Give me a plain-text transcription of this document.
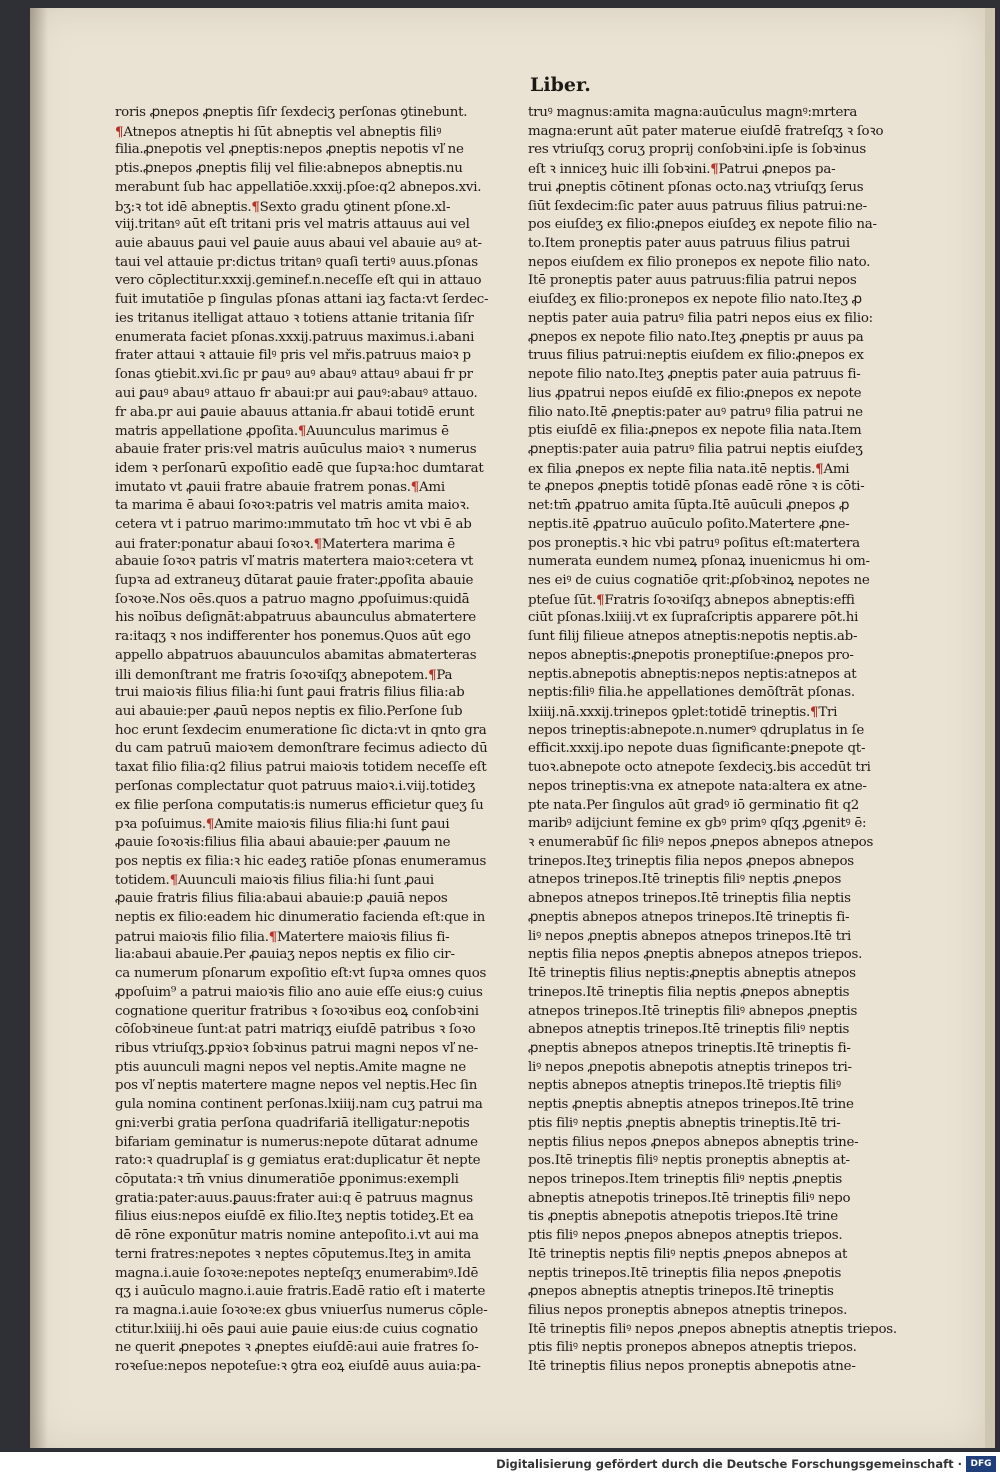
Liber.
roris ꝓnepos ꝓneptis ſiſr ſexdeciʒ perſonas ꝯtinebunt.
¶Atnepos atneptis hi ſūt abneptis vel abneptis filiꝰ
filia.ꝓnepotis vel ꝓneptis:nepos ꝓneptis nepotis vľ ne
ptis.ꝓnepos ꝓneptis filij vel filie:abnepos abneptis.nu
merabunt ſub hac appellatiōe.xxxij.pſoe:q2 abnepos.xvi.
bʒ:ꝛ tot idē abneptis.¶Sexto gradu ꝯtinent pſone.xl-
viij.tritanꝰ aūt eſt tritani pris vel matris attauus aui vel
auie abauus ꝑaui vel ꝑauie auus abaui vel abauie auꝰ at-
taui vel attauie pr:dictus tritanꝰ quaſi tertiꝰ auus.pſonas
vero cōplectitur.xxxij.geminef.n.neceſſe eſt qui in attauo
fuit imutatiōe p ſingulas pſonas attani iaʒ facta:vt ſerdec-
ies tritanus itelligat attauo ꝛ totiens attanie tritania ſiſr
enumerata faciet pſonas.xxxij.patruus maximus.i.abani
frater attaui ꝛ attauie filꝰ pris vel mřis.patruus maioꝛ p
ſonas ꝯtiebit.xvi.ſic pr ꝑauꝰ auꝰ abauꝰ attauꝰ abaui fr pr
aui ꝑauꝰ abauꝰ attauo fr abaui:pr aui ꝑauꝰ:abauꝰ attauo.
fr aba.pr aui ꝑauie abauus attania.fr abaui totidē erunt
matris appellatione ꝓpoſita.¶Auunculus marimus ē
abauie frater pris:vel matris auūculus maioꝛ ꝛ numerus
idem ꝛ perſonarū expoſitio eadē que ſupꝛa:hoc dumtarat
imutato vt ꝓauii fratre abauie fratrem ponas.¶Ami
ta marima ē abaui ſoꝛoꝛ:patris vel matris amita maioꝛ.
cetera vt i patruo marimo:ımmutato tm̄ hoc vt vbi ē ab
aui frater:ponatur abaui ſoꝛoꝛ.¶Matertera marima ē
abauie ſoꝛoꝛ patris vľ matris matertera maioꝛ:cetera vt
ſupꝛa ad extraneuʒ dūtarat ꝑauie frater:ꝓpoſita abauie
ſoꝛoꝛe.Nos oēs.quos a patruo magno ꝓpoſuimus:quidā
his noībus deſignāt:abpatruus abaunculus abmatertere
ra:itaqʒ ꝛ nos indifferenter hos ponemus.Quos aūt ego
appello abpatruos abauunculos abamitas abmaterteras
illi demonſtrant me fratris ſoꝛoꝛiſqʒ abnepotem.¶Pa
trui maioꝛis filius filia:hi ſunt ꝑaui fratris filius filia:ab
aui abauie:per ꝓauū nepos neptis ex filio.Perſone ſub
hoc erunt ſexdecim enumeratione ſic dicta:vt in qnto gra
du cam patruū maioꝛem demonſtrare fecimus adiecto dū
taxat filio filia:q2 filius patrui maioꝛis totidem neceſſe eſt
perſonas complectatur quot patruus maioꝛ.i.viij.totideʒ
ex filie perſona computatis:is numerus efficietur queʒ ſu
pꝛa poſuimus.¶Amite maioꝛis filius filia:hi ſunt ꝑaui
ꝓauie ſoꝛoꝛis:filius filia abaui abauie:per ꝓauum ne
pos neptis ex filia:ꝛ hic eadeʒ ratiōe pſonas enumeramus
totidem.¶Auunculi maioꝛis filius filia:hi ſunt ꝓaui
ꝓauie fratris filius filia:abaui abauie:p ꝓauiā nepos
neptis ex filio:eadem hic dinumeratio facienda eſt:que in
patrui maioꝛis filio filia.¶Matertere maioꝛis filius fi-
lia:abaui abauie.Per ꝓauiaʒ nepos neptis ex filio cir-
ca numerum pſonarum expoſitio eſt:vt ſupꝛa omnes quos
ꝓpoſuim⁹ a patrui maioꝛis filio ano auie eſſe eius:ꝯ cuius
cognatione queritur fratribus ꝛ ſoꝛoꝛibus eoꝝ conſobꝛini
cōſobꝛineue ſunt:at patri matriqʒ eiuſdē patribus ꝛ ſoꝛo
ribus vtriuſqʒ.ꝑpꝛioꝛ ſobꝛinus patrui magni nepos vľ ne-
ptis auunculi magni nepos vel neptis.Amite magne ne
pos vľ neptis matertere magne nepos vel neptis.Hec ſin
gula nomina continent perſonas.lxiiij.nam cuʒ patrui ma
gni:verbi gratia perſona quadrifariā itelligatur:nepotis
bifariam geminatur is numerus:nepote dūtarat adnume
rato:ꝛ quadruplaſ is g gemiatus erat:duplicatur ēt nepte
cōputata:ꝛ tm̄ vnius dinumeratiōe ꝑponimus:exempli
gratia:pater:auus.ꝑauus:frater aui:q ē patruus magnus
filius eius:nepos eiuſdē ex filio.Iteʒ neptis totideʒ.Et ea
dē rōne exponūtur matris nomine antepoſito.i.vt aui ma
terni fratres:nepotes ꝛ neptes cōputemus.Iteʒ in amita
magna.i.auie ſoꝛoꝛe:nepotes nepteſqʒ enumerabimꝰ.Idē
qʒ i auūculo magno.i.auie fratris.Eadē ratio eſt i materte
ra magna.i.auie ſoꝛoꝛe:ex gbus vniuerſus numerus cōple-
ctitur.lxiiij.hi oēs ꝑaui auie ꝑauie eius:de cuius cognatio
ne querit ꝓnepotes ꝛ ꝓneptes eiuſdē:aui auie fratres ſo-
roꝛeſue:nepos nepoteſue:ꝛ ꝯtra eoꝝ eiuſdē auus auia:pa-
truꝰ magnus:amita magna:auūculus magnꝰ:mrtera
magna:erunt aūt pater materue eiuſdē fratreſqʒ ꝛ ſoꝛo
res vtriuſqʒ coruʒ proprij conſobꝛini.ipſe is ſobꝛinus
eſt ꝛ inniceʒ huic illi ſobꝛini.¶Patrui ꝓnepos pa-
trui ꝓneptis cōtinent pſonas octo.naʒ vtriuſqʒ ſerus
ſiūt ſexdecim:ſic pater auus patruus filius patrui:ne-
pos eiuſdeʒ ex filio:ꝓnepos eiuſdeʒ ex nepote filio na-
to.Item proneptis pater auus patruus filius patrui
nepos eiuſdem ex filio pronepos ex nepote filio nato.
Itē proneptis pater auus patruus:filia patrui nepos
eiuſdeʒ ex filio:pronepos ex nepote filio nato.Iteʒ ꝓ
neptis pater auia patruꝰ filia patri nepos eius ex filio:
ꝓnepos ex nepote filio nato.Iteʒ ꝓneptis pr auus pa
truus filius patrui:neptis eiuſdem ex filio:ꝓnepos ex
nepote filio nato.Iteʒ ꝓneptis pater auia patruus fi-
lius ꝓpatrui nepos eiuſdē ex filio:ꝓnepos ex nepote
filio nato.Itē ꝓneptis:pater auꝰ patruꝰ filia patrui ne
ptis eiuſdē ex filia:ꝓnepos ex nepote filia nata.Item
ꝓneptis:pater auia patruꝰ filia patrui neptis eiuſdeʒ
ex filia ꝓnepos ex nepte filia nata.itē neptis.¶Ami
te ꝓnepos ꝓneptis totidē pſonas eadē rōne ꝛ is cōti-
net:tm̄ ꝓpatruo amita ſūpta.Itē auūculi ꝓnepos ꝓ
neptis.itē ꝓpatruo auūculo poſito.Matertere ꝓne-
pos proneptis.ꝛ hic vbi patruꝰ poſitus eſt:matertera
numerata eundem numeꝝ pſonaꝝ inuenicmus hi om-
nes eiꝰ de cuius cognatiōe qrit:ꝓſobꝛinoꝝ nepotes ne
pteſue ſūt.¶Fratris ſoꝛoꝛiſqʒ abnepos abneptis:effi
ciūt pſonas.lxiiij.vt ex ſupraſcriptis apparere pōt.hi
ſunt filij filieue atnepos atneptis:nepotis neptis.ab-
nepos abneptis:ꝓnepotis proneptiſue:ꝓnepos pro-
neptis.abnepotis abneptis:nepos neptis:atnepos at
neptis:filiꝰ filia.he appellationes demōſtrāt pſonas.
lxiiij.nā.xxxij.trinepos ꝯplet:totidē trineptis.¶Tri
nepos trineptis:abnepote.n.numerꝰ qdruplatus in ſe
efficit.xxxij.ipo nepote duas ſignificante:ꝑnepote qt-
tuoꝛ.abnepote octo atnepote ſexdeciʒ.bis accedūt tri
nepos trineptis:vna ex atnepote nata:altera ex atne-
pte nata.Per ſingulos aūt gradꝰ iō germinatio fit q2
maribꝰ adijciunt femine ex gbꝰ primꝰ qſqʒ ꝓgenitꝰ ē:
ꝛ enumerabūf ſic filiꝰ nepos ꝓnepos abnepos atnepos
trinepos.Iteʒ trineptis filia nepos ꝓnepos abnepos
atnepos trinepos.Itē trineptis filiꝰ neptis ꝓnepos
abnepos atnepos trinepos.Itē trineptis filia neptis
ꝓneptis abnepos atnepos trinepos.Itē trineptis fi-
liꝰ nepos ꝓneptis abnepos atnepos trinepos.Itē tri
neptis filia nepos ꝓneptis abnepos atnepos triepos.
Itē trineptis filius neptis:ꝓneptis abneptis atnepos
trinepos.Itē trineptis filia neptis ꝓnepos abneptis
atnepos trinepos.Itē trineptis filiꝰ abnepos ꝓneptis
abnepos atneptis trinepos.Itē trineptis filiꝰ neptis
ꝓneptis abnepos atnepos trineptis.Itē trineptis fi-
liꝰ nepos ꝓnepotis abnepotis atneptis trinepos tri-
neptis abnepos atneptis trinepos.Itē trieptis filiꝰ
neptis ꝓneptis abneptis atnepos trinepos.Itē trine
ptis filiꝰ neptis ꝓneptis abneptis trineptis.Itē tri-
neptis filius nepos ꝓnepos abnepos abneptis trine-
pos.Itē trineptis filiꝰ neptis proneptis abneptis at-
nepos trinepos.Item trineptis filiꝰ neptis ꝓneptis
abneptis atnepotis trinepos.Itē trineptis filiꝰ nepo
tis ꝓneptis abnepotis atnepotis triepos.Itē trine
ptis filiꝰ nepos ꝓnepos abnepos atneptis triepos.
Itē trineptis neptis filiꝰ neptis ꝓnepos abnepos at
neptis trinepos.Itē trineptis filia nepos ꝓnepotis
ꝓnepos abneptis atneptis trinepos.Itē trineptis
filius nepos proneptis abnepos atneptis trinepos.
Itē trineptis filiꝰ nepos ꝓnepos abneptis atneptis triepos.
ptis filiꝰ neptis pronepos abnepos atneptis triepos.
Itē trineptis filius nepos proneptis abnepotis atne-
Digitalisierung gefördert durch die Deutsche Forschungsgemeinschaft · DFG
